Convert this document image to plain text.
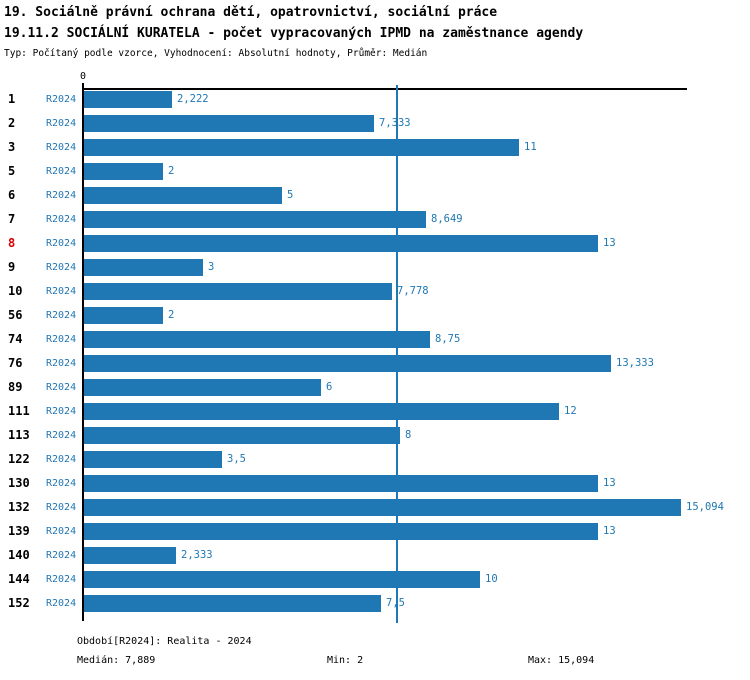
19. Sociálně právní ochrana dětí, opatrovnictví, sociální práce
19.11.2 SOCIÁLNÍ KURATELA - počet vypracovaných IPMD na zaměstnance agendy
Typ: Počítaný podle vzorce, Vyhodnocení: Absolutní hodnoty, Průměr: Medián
0
1	R2024	2,222
2	R2024	7,333
3	R2024	11
5	R2024	2
6	R2024	5
7	R2024	8,649
8	R2024	13
9	R2024	3
10	R2024	7,778
56	R2024	2
74	R2024	8,75
76	R2024	13,333
89	R2024	6
111	R2024	12
113	R2024	8
122	R2024	3,5
130	R2024	13
132	R2024	15,094
139	R2024	13
140	R2024	2,333
144	R2024	10
152	R2024	7,5
Období[R2024]: Realita - 2024
Medián: 7,889	Min: 2	Max: 15,094
